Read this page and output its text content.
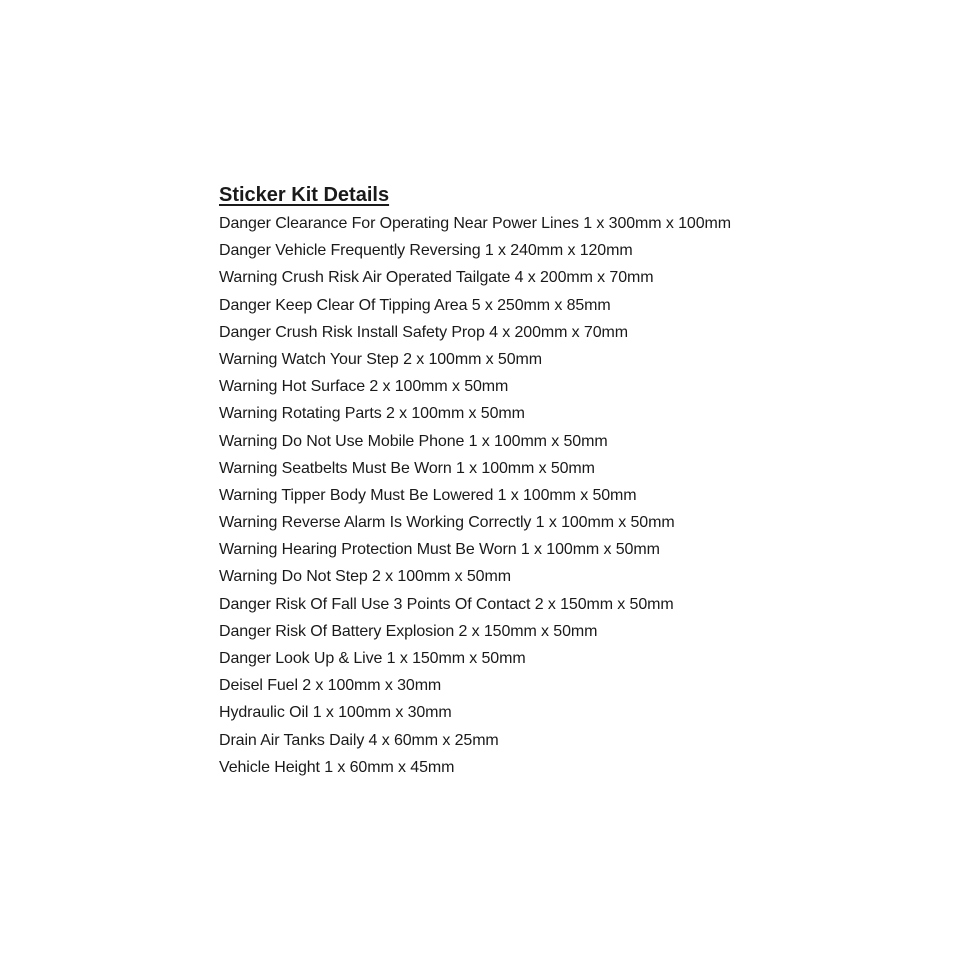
Sticker Kit Details
Danger Clearance For Operating Near Power Lines 1 x 300mm x 100mm
Danger Vehicle Frequently Reversing 1 x 240mm x 120mm
Warning Crush Risk Air Operated Tailgate 4 x 200mm x 70mm
Danger Keep Clear Of Tipping Area 5 x 250mm x 85mm
Danger Crush Risk Install Safety Prop 4 x 200mm x 70mm
Warning Watch Your Step 2 x 100mm x 50mm
Warning Hot Surface 2 x 100mm x 50mm
Warning Rotating Parts 2 x 100mm x 50mm
Warning Do Not Use Mobile Phone 1 x 100mm x 50mm
Warning Seatbelts Must Be Worn 1 x 100mm x 50mm
Warning Tipper Body Must Be Lowered 1 x 100mm x 50mm
Warning Reverse Alarm Is Working Correctly 1 x 100mm x 50mm
Warning Hearing Protection Must Be Worn 1 x 100mm x 50mm
Warning Do Not Step 2 x 100mm x 50mm
Danger Risk Of Fall Use 3 Points Of Contact 2 x 150mm x 50mm
Danger Risk Of Battery Explosion 2 x 150mm x 50mm
Danger Look Up & Live 1 x 150mm x 50mm
Deisel Fuel 2 x 100mm x 30mm
Hydraulic Oil 1 x 100mm x 30mm
Drain Air Tanks Daily 4 x 60mm x 25mm
Vehicle Height 1 x 60mm x 45mm
